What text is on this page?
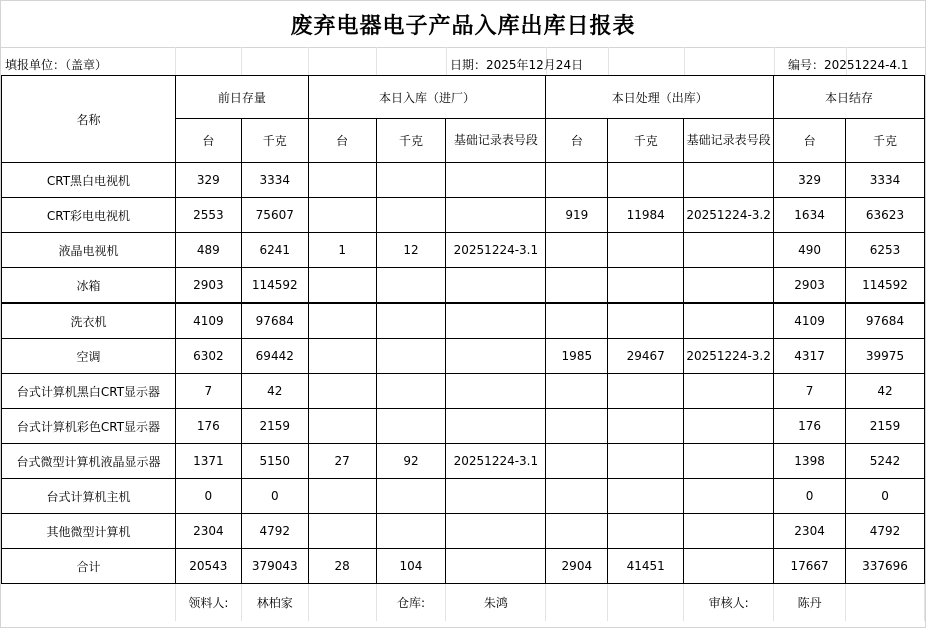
废弃电器电子产品入库出库日报表
填报单位：（盖章）	日期：2025年12月24日	编号：20251224-4.1
名称	前日存量		本日入库（进厂）			本日处理（出库）			本日结存	
	台	千克	台	千克	基础记录表号段	台	千克	基础记录表号段	台	千克
CRT黑白电视机	329	3334							329	3334
CRT彩电电视机	2553	75607				919	11984	20251224-3.2	1634	63623
液晶电视机	489	6241	1	12	20251224-3.1				490	6253
冰箱	2903	114592							2903	114592
洗衣机	4109	97684							4109	97684
空调	6302	69442				1985	29467	20251224-3.2	4317	39975
台式计算机黑白CRT显示器	7	42							7	42
台式计算机彩色CRT显示器	176	2159							176	2159
台式微型计算机液晶显示器	1371	5150	27	92	20251224-3.1				1398	5242
台式计算机主机	0	0							0	0
其他微型计算机	2304	4792							2304	4792
合计	20543	379043	28	104		2904	41451		17667	337696
	领料人:	林柏家		仓库:	朱鸿			审核人:	陈丹	
